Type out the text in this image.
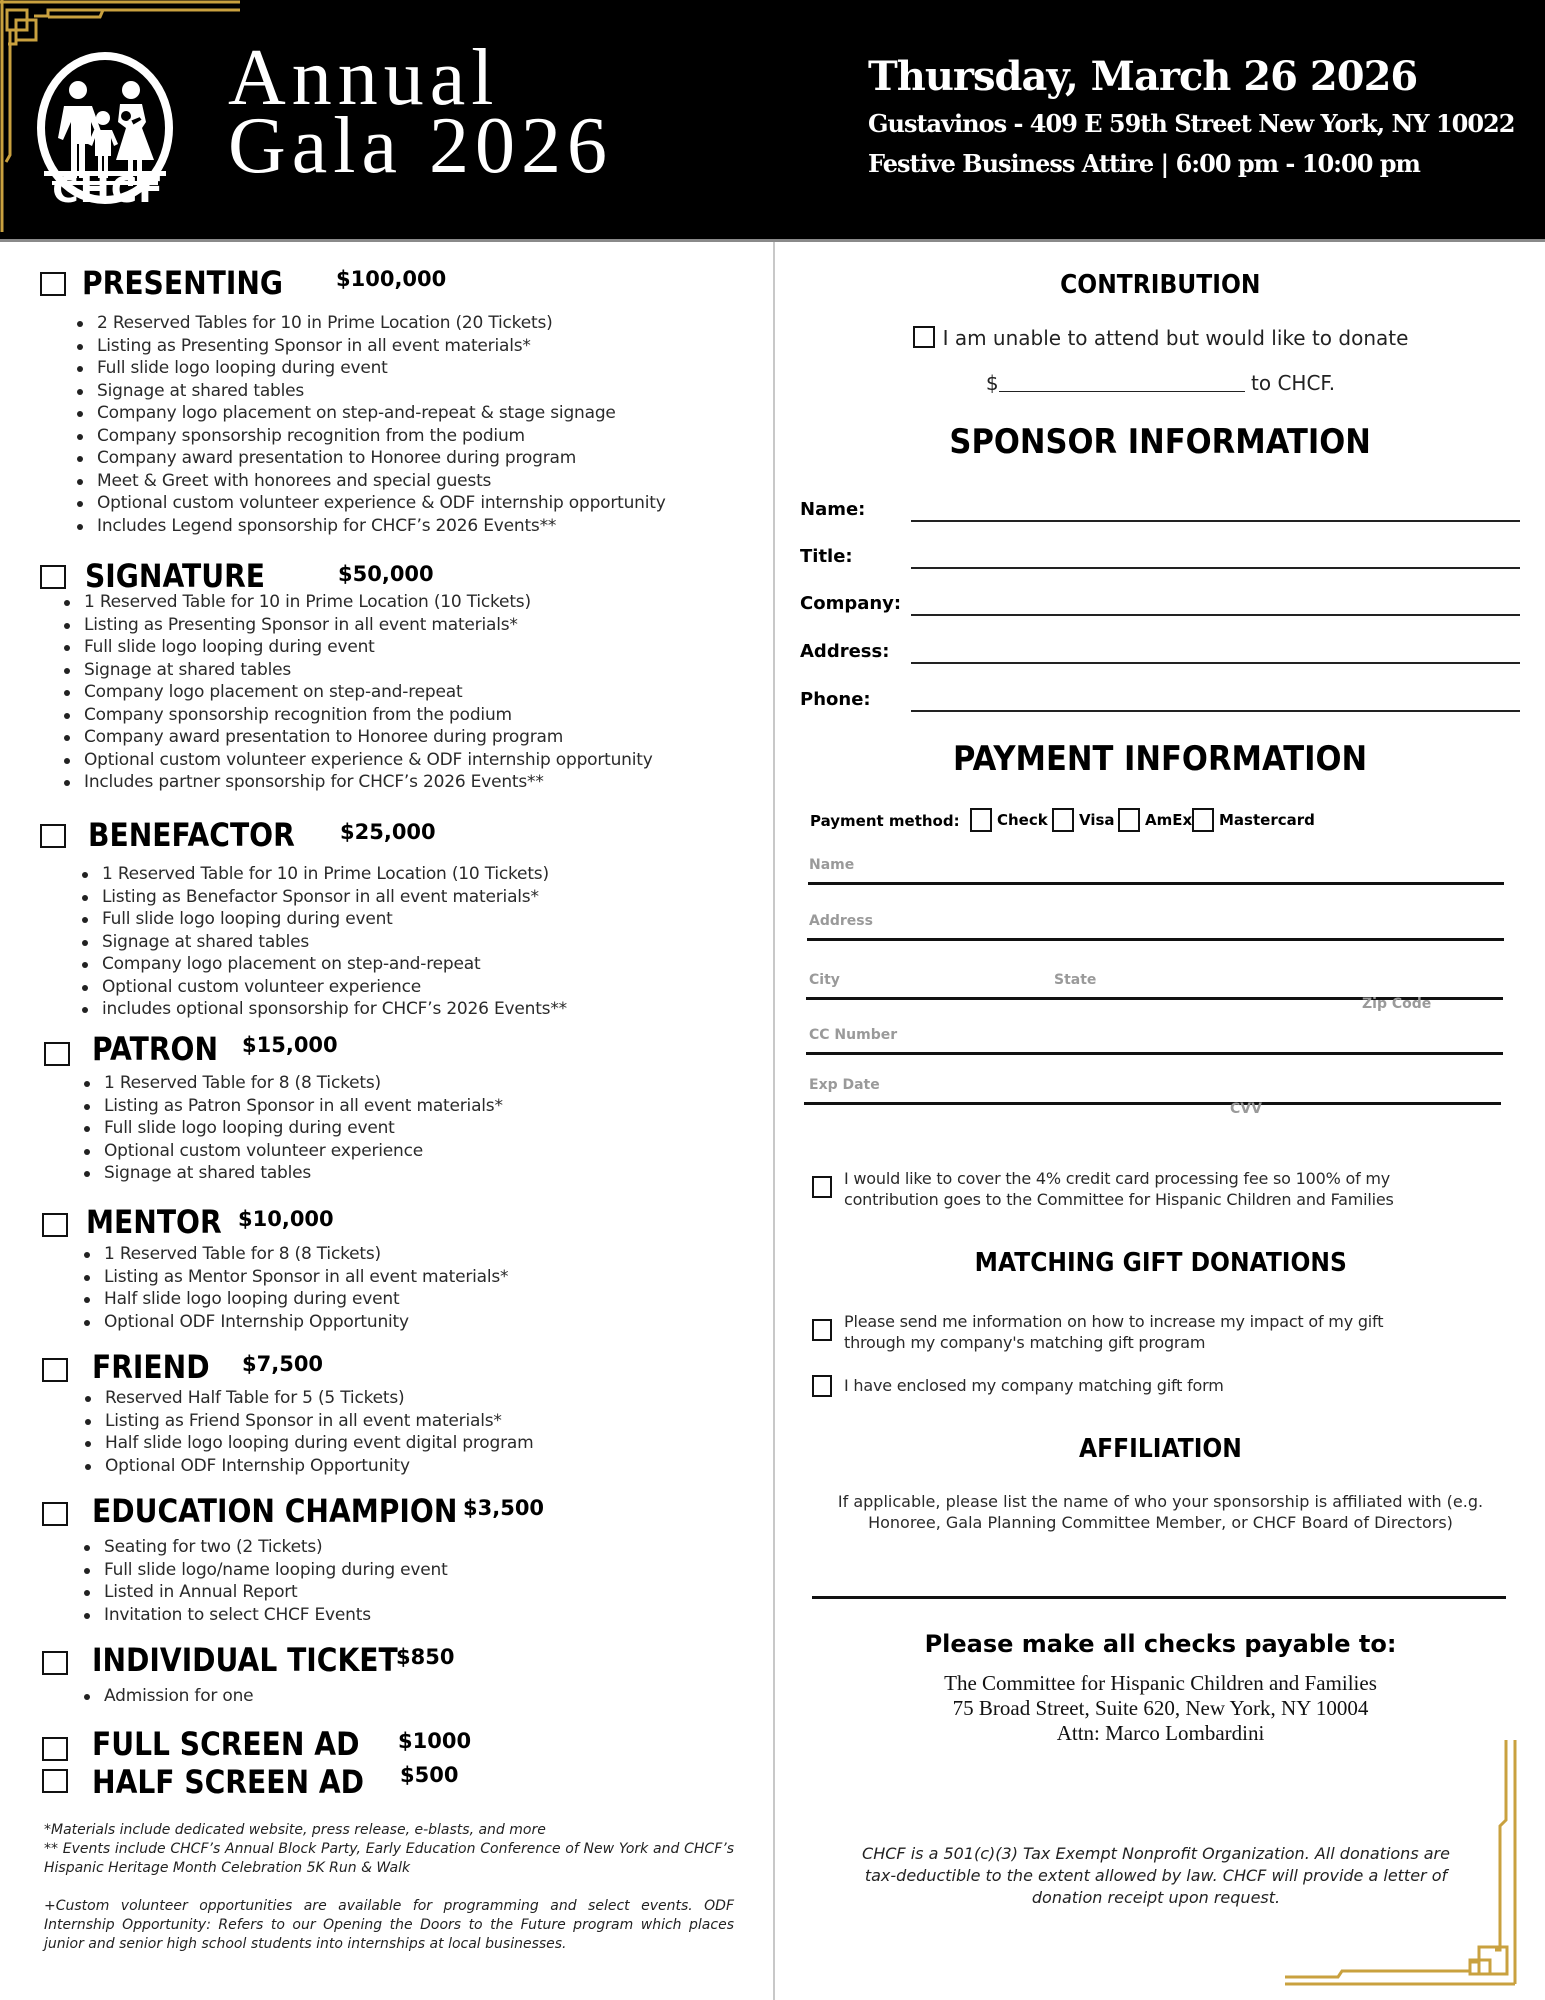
CHCF
Annual
Gala 2026
Thursday, March 26 2026
Gustavinos - 409 E 59th Street New York, NY 10022
Festive Business Attire | 6:00 pm - 10:00 pm
PRESENTING	$100,000
2 Reserved Tables for 10 in Prime Location (20 Tickets)
Listing as Presenting Sponsor in all event materials*
Full slide logo looping during event
Signage at shared tables
Company logo placement on step-and-repeat & stage signage
Company sponsorship recognition from the podium
Company award presentation to Honoree during program
Meet & Greet with honorees and special guests
Optional custom volunteer experience & ODF internship opportunity
Includes Legend sponsorship for CHCF’s 2026 Events**
SIGNATURE	$50,000
1 Reserved Table for 10 in Prime Location (10 Tickets)
Listing as Presenting Sponsor in all event materials*
Full slide logo looping during event
Signage at shared tables
Company logo placement on step-and-repeat
Company sponsorship recognition from the podium
Company award presentation to Honoree during program
Optional custom volunteer experience & ODF internship opportunity
Includes partner sponsorship for CHCF’s 2026 Events**
BENEFACTOR $25,000
1 Reserved Table for 10 in Prime Location (10 Tickets)
Listing as Benefactor Sponsor in all event materials*
Full slide logo looping during event
Signage at shared tables
Company logo placement on step-and-repeat
Optional custom volunteer experience
includes optional sponsorship for CHCF’s 2026 Events**
PATRON $15,000
1 Reserved Table for 8 (8 Tickets)
Listing as Patron Sponsor in all event materials*
Full slide logo looping during event
Optional custom volunteer experience
Signage at shared tables
MENTOR $10,000
1 Reserved Table for 8 (8 Tickets)
Listing as Mentor Sponsor in all event materials*
Half slide logo looping during event
Optional ODF Internship Opportunity
FRIEND $7,500
Reserved Half Table for 5 (5 Tickets)
Listing as Friend Sponsor in all event materials*
Half slide logo looping during event digital program
Optional ODF Internship Opportunity
EDUCATION CHAMPION $3,500
Seating for two (2 Tickets)
Full slide logo/name looping during event
Listed in Annual Report
Invitation to select CHCF Events
INDIVIDUAL TICKET
$850
Admission for one
FULL SCREEN AD $1000
HALF SCREEN AD $500

*Materials include dedicated website, press release, e-blasts, and more

** Events include CHCF’s Annual Block Party, Early Education Conference of New York and CHCF’s Hispanic Heritage Month Celebration 5K Run & Walk

+Custom volunteer opportunities are available for programming and select events. ODF Internship Opportunity: Refers to our Opening the Doors to the Future program which places junior and senior high school students into internships at local businesses.

CONTRIBUTION
I am unable to attend but would like to donate
$	to CHCF.
SPONSOR INFORMATION
Name:
Title:
Company:
Address:
Phone:
PAYMENT INFORMATION
Payment method:	Check	Visa	AmEx	Mastercard
Name
Address
City	State
Zip Code
CC Number
Exp Date
CVV
I would like to cover the 4% credit card processing fee so 100% of my
contribution goes to the Committee for Hispanic Children and Families
MATCHING GIFT DONATIONS
Please send me information on how to increase my impact of my gift
through my company's matching gift program
I have enclosed my company matching gift form
AFFILIATION
If applicable, please list the name of who your sponsorship is affiliated with (e.g.
Honoree, Gala Planning Committee Member, or CHCF Board of Directors)
Please make all checks payable to:
The Committee for Hispanic Children and Families
75 Broad Street, Suite 620, New York, NY 10004
Attn: Marco Lombardini
CHCF is a 501(c)(3) Tax Exempt Nonprofit Organization. All donations are
tax-deductible to the extent allowed by law. CHCF will provide a letter of
donation receipt upon request.
